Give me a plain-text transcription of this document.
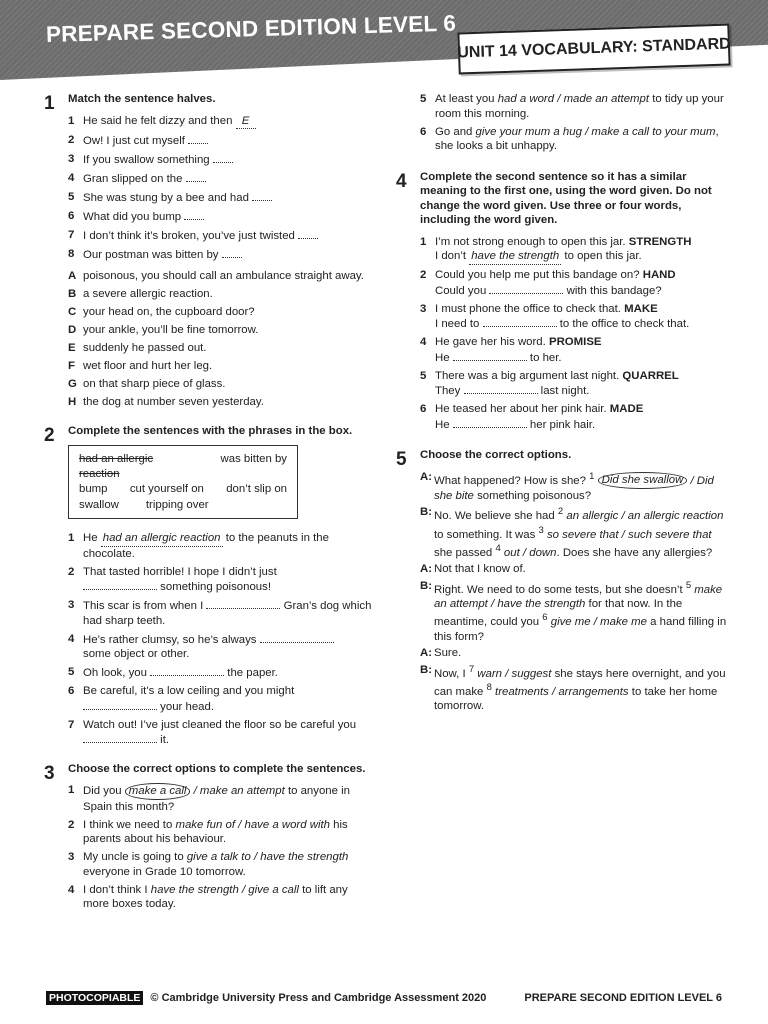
PREPARE SECOND EDITION LEVEL 6
UNIT 14 VOCABULARY: STANDARD
1 Match the sentence halves.
1 He said he felt dizzy and then E
2 Ow! I just cut myself
3 If you swallow something
4 Gran slipped on the
5 She was stung by a bee and had
6 What did you bump
7 I don’t think it’s broken, you’ve just twisted
8 Our postman was bitten by
A poisonous, you should call an ambulance straight away.
B a severe allergic reaction.
C your head on, the cupboard door?
D your ankle, you’ll be fine tomorrow.
E suddenly he passed out.
F wet floor and hurt her leg.
G on that sharp piece of glass.
H the dog at number seven yesterday.
2 Complete the sentences with the phrases in the box.
had an allergic reaction
was bitten by
bump cut yourself on don’t slip on
swallow tripping over
1 He had an allergic reaction to the peanuts in the chocolate.
2 That tasted horrible! I hope I didn’t just
something poisonous!
3 This scar is from when I	Gran’s dog which had sharp teeth.
4 He’s rather clumsy, so he’s always
some object or other.
5 Oh look, you	the paper.
6 Be careful, it’s a low ceiling and you might
your head.
7 Watch out! I’ve just cleaned the floor so be careful you  it.
3 Choose the correct options to complete the sentences.
1 Did you make a call / make an attempt to anyone in Spain this month?
2 I think we need to make fun of / have a word with his parents about his behaviour.
3 My uncle is going to give a talk to / have the strength everyone in Grade 10 tomorrow.
4 I don’t think I have the strength / give a call to lift any more boxes today.
5 At least you had a word / made an attempt to tidy up your room this morning.
6 Go and give your mum a hug / make a call to your mum, she looks a bit unhappy.
4 Complete the second sentence so it has a similar meaning to the first one, using the word given. Do not change the word given. Use three or four words, including the word given.
1 I’m not strong enough to open this jar. STRENGTH
I don’t have the strength to open this jar.
2 Could you help me put this bandage on? HAND
Could you	with this bandage?
3 I must phone the office to check that. MAKE
I need to	to the office to check that.
4 He gave her his word. PROMISE
He	to her.
5 There was a big argument last night. QUARREL
They	last night.
6 He teased her about her pink hair. MADE
He	her pink hair.
5 Choose the correct options.
A: What happened? How is she? $^1$ Did she swallow / Did she bite something poisonous?
B: No. We believe she had $^2$ an allergic / an allergic reaction to something. It was $^3$ so severe that / such severe that she passed $^4$ out / down. Does she have any allergies?
A: Not that I know of.
B: Right. We need to do some tests, but she doesn’t $^5$ make an attempt / have the strength for that now. In the meantime, could you $^6$ give me / make me a hand filling in this form?
A: Sure.
B: Now, I $^7$ warn / suggest she stays here overnight, and you can make $^8$ treatments / arrangements to take her home tomorrow.
PHOTOCOPIABLE © Cambridge University Press and Cambridge Assessment 2020	PREPARE SECOND EDITION LEVEL 6
